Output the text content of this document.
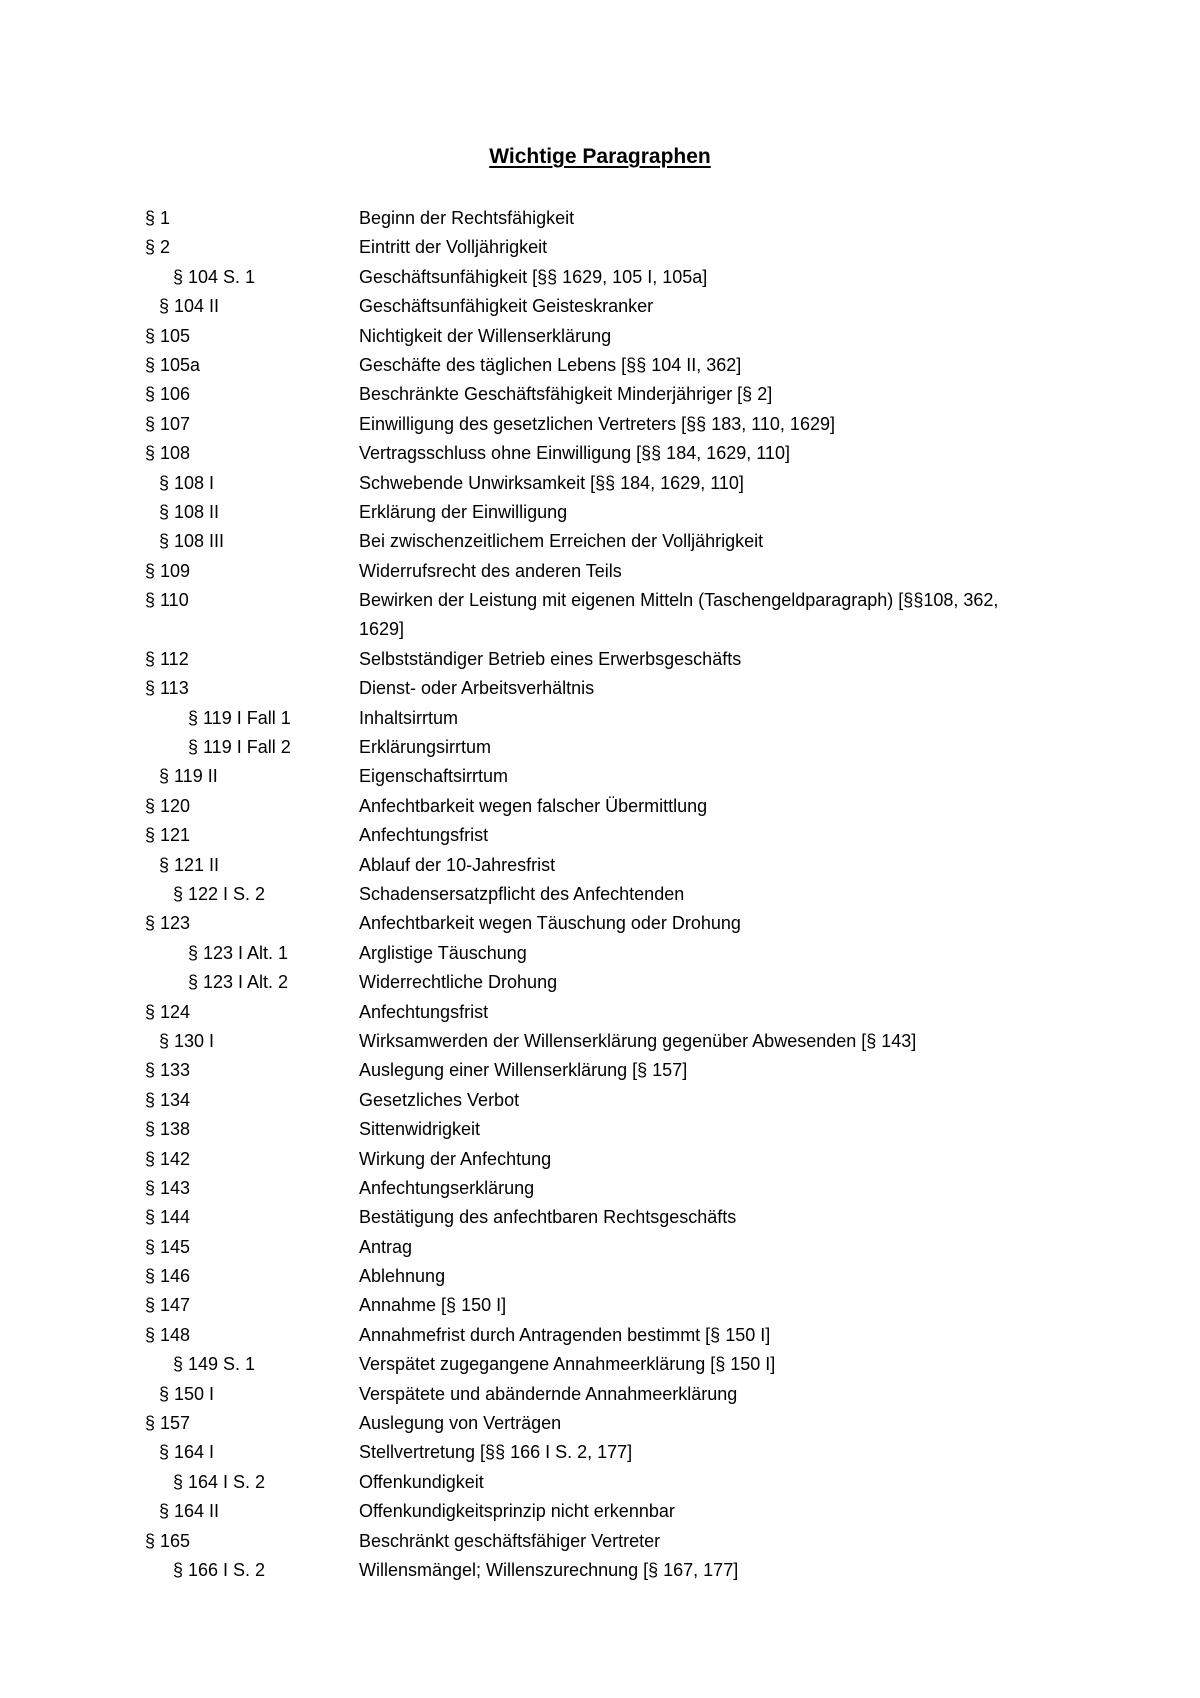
Wichtige Paragraphen
§ 1	Beginn der Rechtsfähigkeit
§ 2	Eintritt der Volljährigkeit
§ 104 S. 1	Geschäftsunfähigkeit [§§ 1629, 105 I, 105a]
§ 104 II	Geschäftsunfähigkeit Geisteskranker
§ 105	Nichtigkeit der Willenserklärung
§ 105a	Geschäfte des täglichen Lebens [§§ 104 II, 362]
§ 106	Beschränkte Geschäftsfähigkeit Minderjähriger [§ 2]
§ 107	Einwilligung des gesetzlichen Vertreters [§§ 183, 110, 1629]
§ 108	Vertragsschluss ohne Einwilligung [§§ 184, 1629, 110]
§ 108 I	Schwebende Unwirksamkeit [§§ 184, 1629, 110]
§ 108 II	Erklärung der Einwilligung
§ 108 III	Bei zwischenzeitlichem Erreichen der Volljährigkeit
§ 109	Widerrufsrecht des anderen Teils
§ 110	Bewirken der Leistung mit eigenen Mitteln (Taschengeldparagraph) [§§108, 362, 1629]
§ 112	Selbstständiger Betrieb eines Erwerbsgeschäfts
§ 113	Dienst- oder Arbeitsverhältnis
§ 119 I Fall 1	Inhaltsirrtum
§ 119 I Fall 2	Erklärungsirrtum
§ 119 II	Eigenschaftsirrtum
§ 120	Anfechtbarkeit wegen falscher Übermittlung
§ 121	Anfechtungsfrist
§ 121 II	Ablauf der 10-Jahresfrist
§ 122 I S. 2	Schadensersatzpflicht des Anfechtenden
§ 123	Anfechtbarkeit wegen Täuschung oder Drohung
§ 123 I Alt. 1	Arglistige Täuschung
§ 123 I Alt. 2	Widerrechtliche Drohung
§ 124	Anfechtungsfrist
§ 130 I	Wirksamwerden der Willenserklärung gegenüber Abwesenden [§ 143]
§ 133	Auslegung einer Willenserklärung [§ 157]
§ 134	Gesetzliches Verbot
§ 138	Sittenwidrigkeit
§ 142	Wirkung der Anfechtung
§ 143	Anfechtungserklärung
§ 144	Bestätigung des anfechtbaren Rechtsgeschäfts
§ 145	Antrag
§ 146	Ablehnung
§ 147	Annahme [§ 150 I]
§ 148	Annahmefrist durch Antragenden bestimmt [§ 150 I]
§ 149 S. 1	Verspätet zugegangene Annahmeerklärung [§ 150 I]
§ 150 I	Verspätete und abändernde Annahmeerklärung
§ 157	Auslegung von Verträgen
§ 164 I	Stellvertretung [§§ 166 I S. 2, 177]
§ 164 I S. 2	Offenkundigkeit
§ 164 II	Offenkundigkeitsprinzip nicht erkennbar
§ 165	Beschränkt geschäftsfähiger Vertreter
§ 166 I S. 2	Willensmängel; Willenszurechnung [§ 167, 177]
